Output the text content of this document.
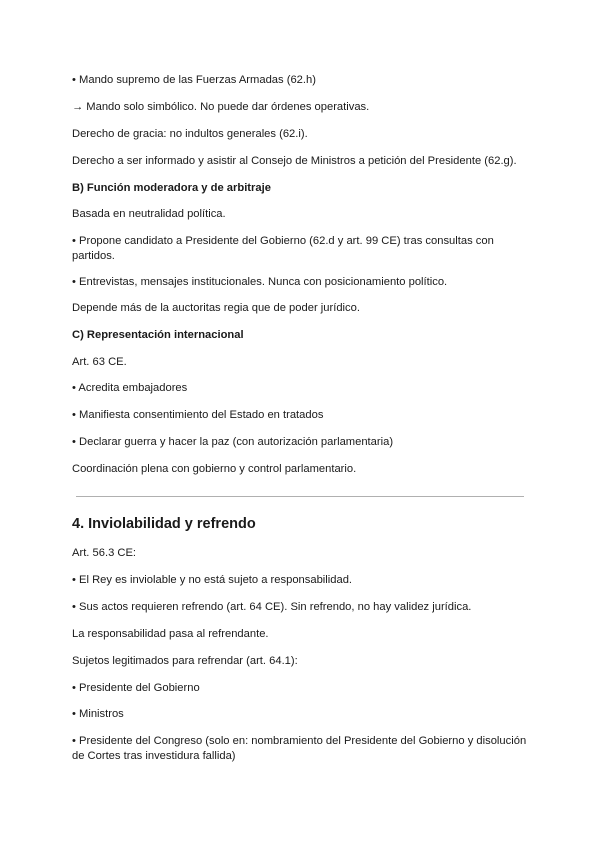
• Mando supremo de las Fuerzas Armadas (62.h)

→ Mando solo simbólico. No puede dar órdenes operativas.

Derecho de gracia: no indultos generales (62.i).

Derecho a ser informado y asistir al Consejo de Ministros a petición del Presidente (62.g).

B) Función moderadora y de arbitraje

Basada en neutralidad política.

• Propone candidato a Presidente del Gobierno (62.d y art. 99 CE) tras consultas con partidos.

• Entrevistas, mensajes institucionales. Nunca con posicionamiento político.

Depende más de la auctoritas regia que de poder jurídico.

C) Representación internacional

Art. 63 CE.

• Acredita embajadores

• Manifiesta consentimiento del Estado en tratados

• Declarar guerra y hacer la paz (con autorización parlamentaria)

Coordinación plena con gobierno y control parlamentario.

4. Inviolabilidad y refrendo

Art. 56.3 CE:

• El Rey es inviolable y no está sujeto a responsabilidad.

• Sus actos requieren refrendo (art. 64 CE). Sin refrendo, no hay validez jurídica.

La responsabilidad pasa al refrendante.

Sujetos legitimados para refrendar (art. 64.1):

• Presidente del Gobierno

• Ministros

• Presidente del Congreso (solo en: nombramiento del Presidente del Gobierno y disolución de Cortes tras investidura fallida)
